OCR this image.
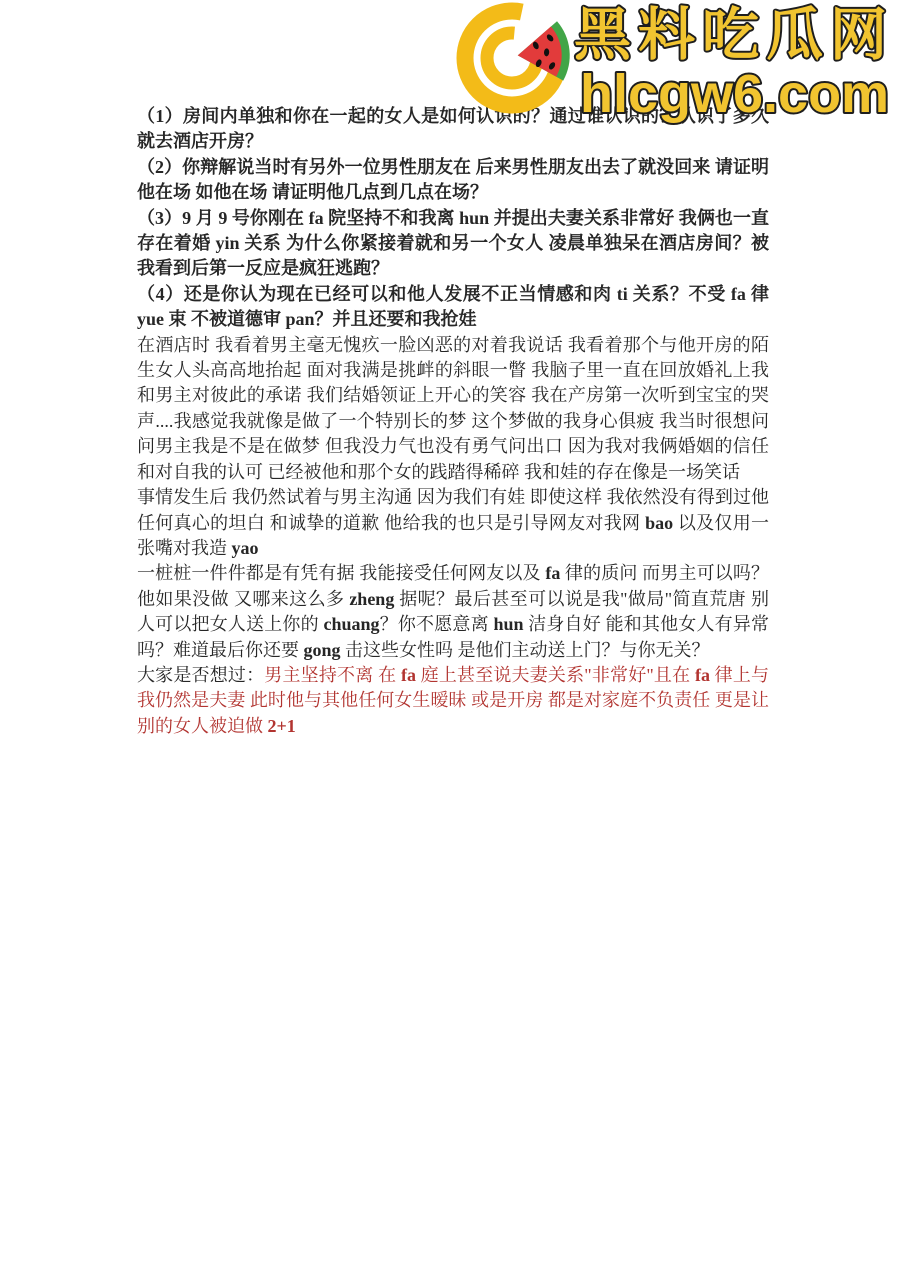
黑料吃瓜网
hlcgw6.com

（1）房间内单独和你在一起的女人是如何认识的？通过谁认识的？认识了多久就去酒店开房？

（2）你辩解说当时有另外一位男性朋友在 后来男性朋友出去了就没回来 请证明他在场 如他在场 请证明他几点到几点在场？

（3）9 月 9 号你刚在 fa 院坚持不和我离 hun 并提出夫妻关系非常好 我俩也一直存在着婚 yin 关系 为什么你紧接着就和另一个女人 凌晨单独呆在酒店房间？被我看到后第一反应是疯狂逃跑？

（4）还是你认为现在已经可以和他人发展不正当情感和肉 ti 关系？不受 fa 律 yue 束 不被道德审 pan？并且还要和我抢娃

在酒店时 我看着男主毫无愧疚一脸凶恶的对着我说话 我看着那个与他开房的陌生女人头高高地抬起 面对我满是挑衅的斜眼一瞥 我脑子里一直在回放婚礼上我和男主对彼此的承诺 我们结婚领证上开心的笑容 我在产房第一次听到宝宝的哭声....我感觉我就像是做了一个特别长的梦 这个梦做的我身心俱疲 我当时很想问问男主我是不是在做梦 但我没力气也没有勇气问出口 因为我对我俩婚姻的信任 和对自我的认可 已经被他和那个女的践踏得稀碎 我和娃的存在像是一场笑话

事情发生后 我仍然试着与男主沟通 因为我们有娃 即使这样 我依然没有得到过他任何真心的坦白 和诚挚的道歉 他给我的也只是引导网友对我网 bao 以及仅用一张嘴对我造 yao

一桩桩一件件都是有凭有据 我能接受任何网友以及 fa 律的质问 而男主可以吗？他如果没做 又哪来这么多 zheng 据呢？最后甚至可以说是我"做局"简直荒唐 别人可以把女人送上你的 chuang？你不愿意离 hun 洁身自好 能和其他女人有异常吗？难道最后你还要 gong 击这些女性吗 是他们主动送上门？与你无关？

大家是否想过：男主坚持不离 在 fa 庭上甚至说夫妻关系"非常好"且在 fa 律上与我仍然是夫妻 此时他与其他任何女生暧昧 或是开房 都是对家庭不负责任 更是让别的女人被迫做 2+1
